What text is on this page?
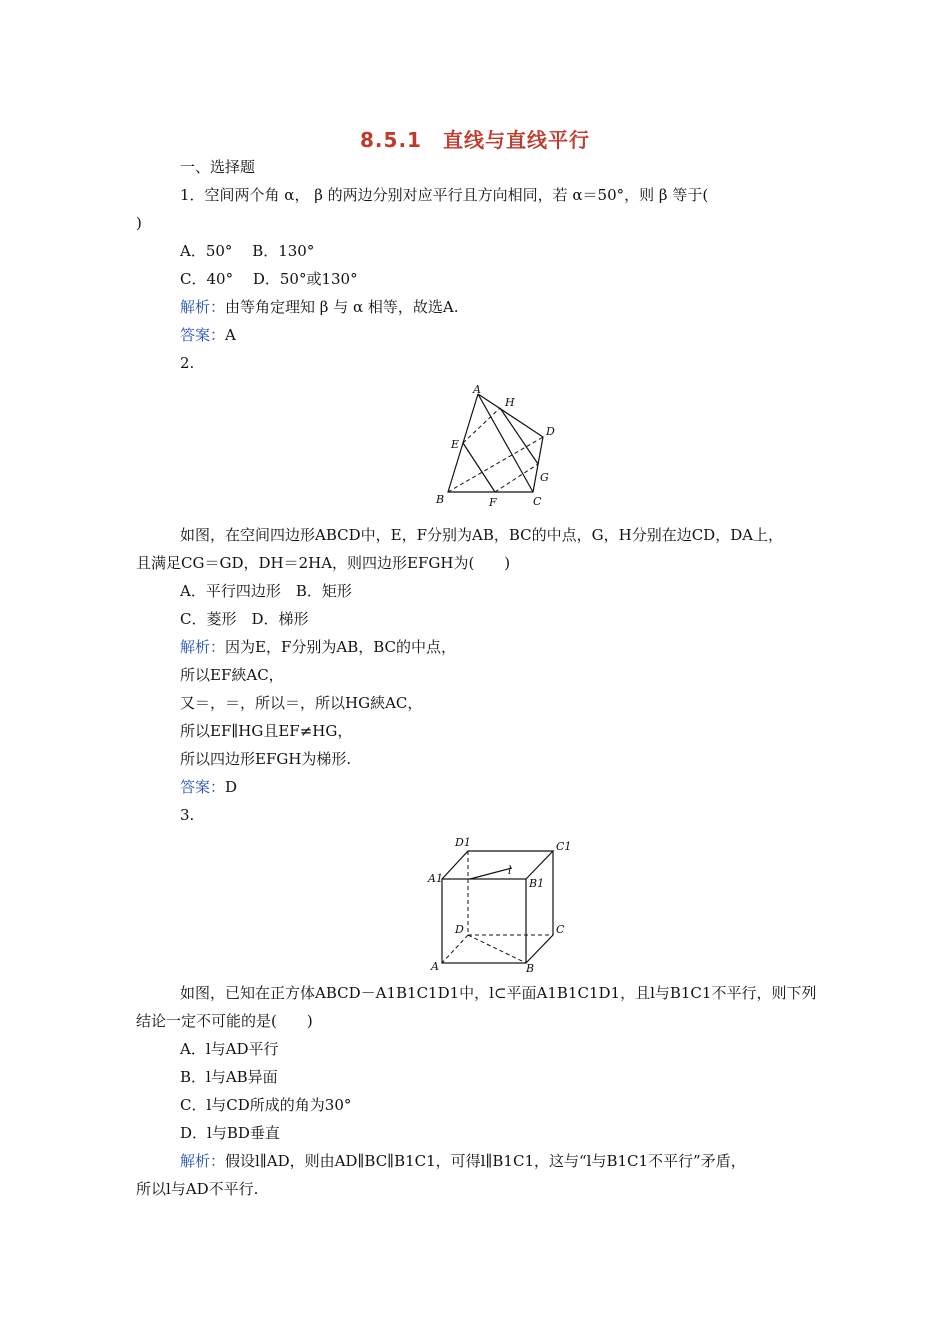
8.5.1　直线与直线平行
一、选择题
1．空间两个角 α， β 的两边分别对应平行且方向相同，若 α＝50°，则 β 等于(
)
A．50°　 B．130°
C．40°　 D．50°或130°
解析：由等角定理知 β 与 α 相等，故选A.
答案：A
2.
A
H
D
E
G
B	F	C
如图，在空间四边形ABCD中，E，F分别为AB，BC的中点，G，H分别在边CD，DA上，
且满足CG＝GD，DH＝2HA，则四边形EFGH为(　　)
A．平行四边形　B．矩形
C．菱形　D．梯形
解析：因为E，F分别为AB，BC的中点，
所以EF綊AC，
又＝，＝，所以＝，所以HG綊AC，
所以EF∥HG且EF≠HG，
所以四边形EFGH为梯形.
答案：D
3.
D1	C1
A1
l
B1
D	C
A	B
如图，已知在正方体ABCD－A1B1C1D1中，l⊂平面A1B1C1D1，且l与B1C1不平行，则下列
结论一定不可能的是(　　)
A．l与AD平行
B．l与AB异面
C．l与CD所成的角为30°
D．l与BD垂直
解析：假设l∥AD，则由AD∥BC∥B1C1，可得l∥B1C1，这与“l与B1C1不平行”矛盾，
所以l与AD不平行.
